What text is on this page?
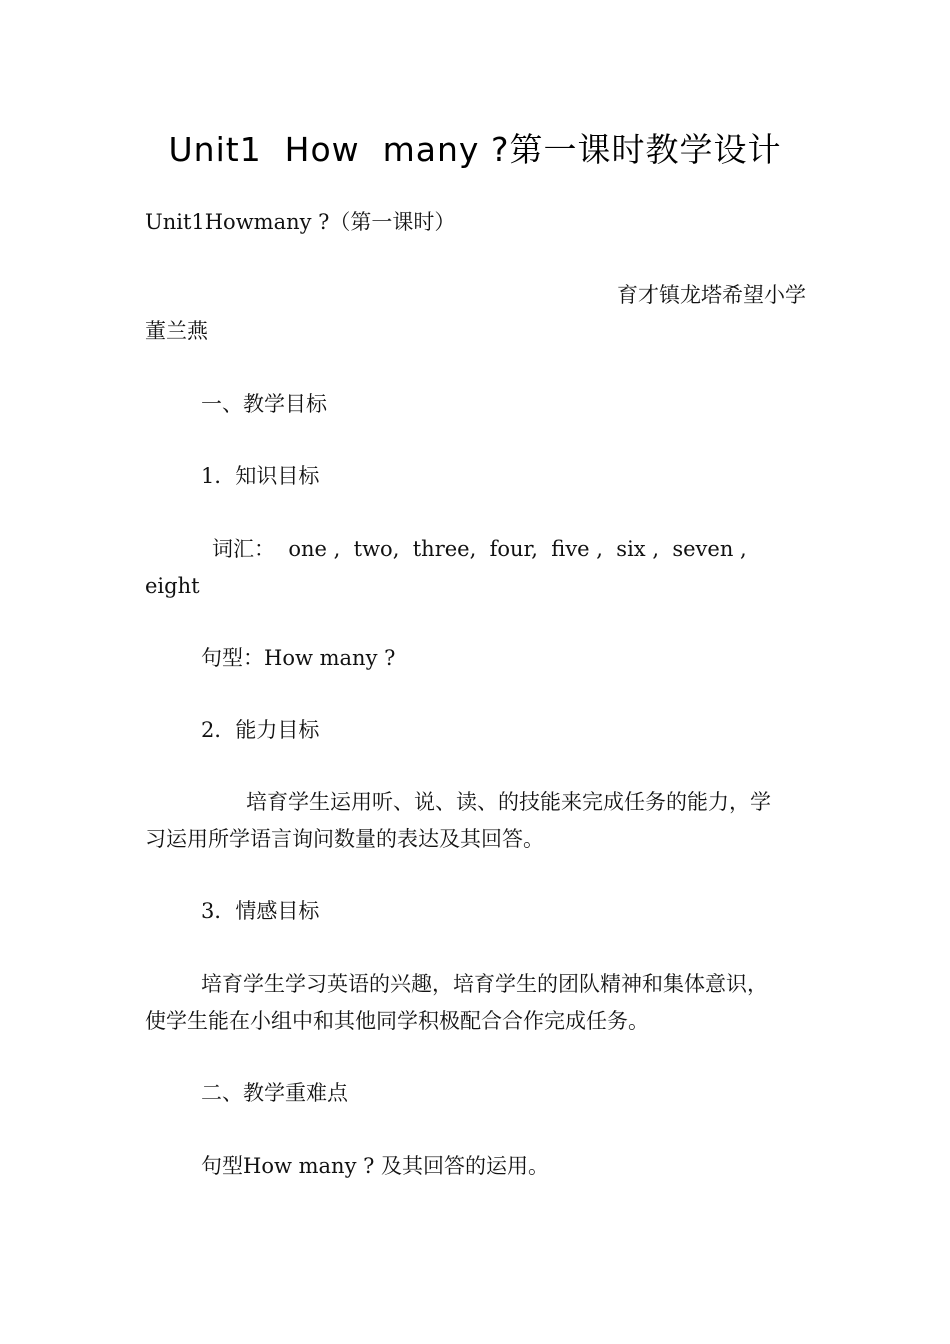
Unit1  How  many ?第一课时教学设计
Unit1Howmany ?（第一课时）
育才镇龙塔希望小学
董兰燕
一、教学目标
1．知识目标
词汇：  one ,  two,  three,  four,  five ,  six ,  seven ,
eight
句型：How many ?
2．能力目标
培育学生运用听、说、读、的技能来完成任务的能力，学
习运用所学语言询问数量的表达及其回答。
3．情感目标
培育学生学习英语的兴趣，培育学生的团队精神和集体意识，
使学生能在小组中和其他同学积极配合合作完成任务。
二、教学重难点
句型How many ? 及其回答的运用。
